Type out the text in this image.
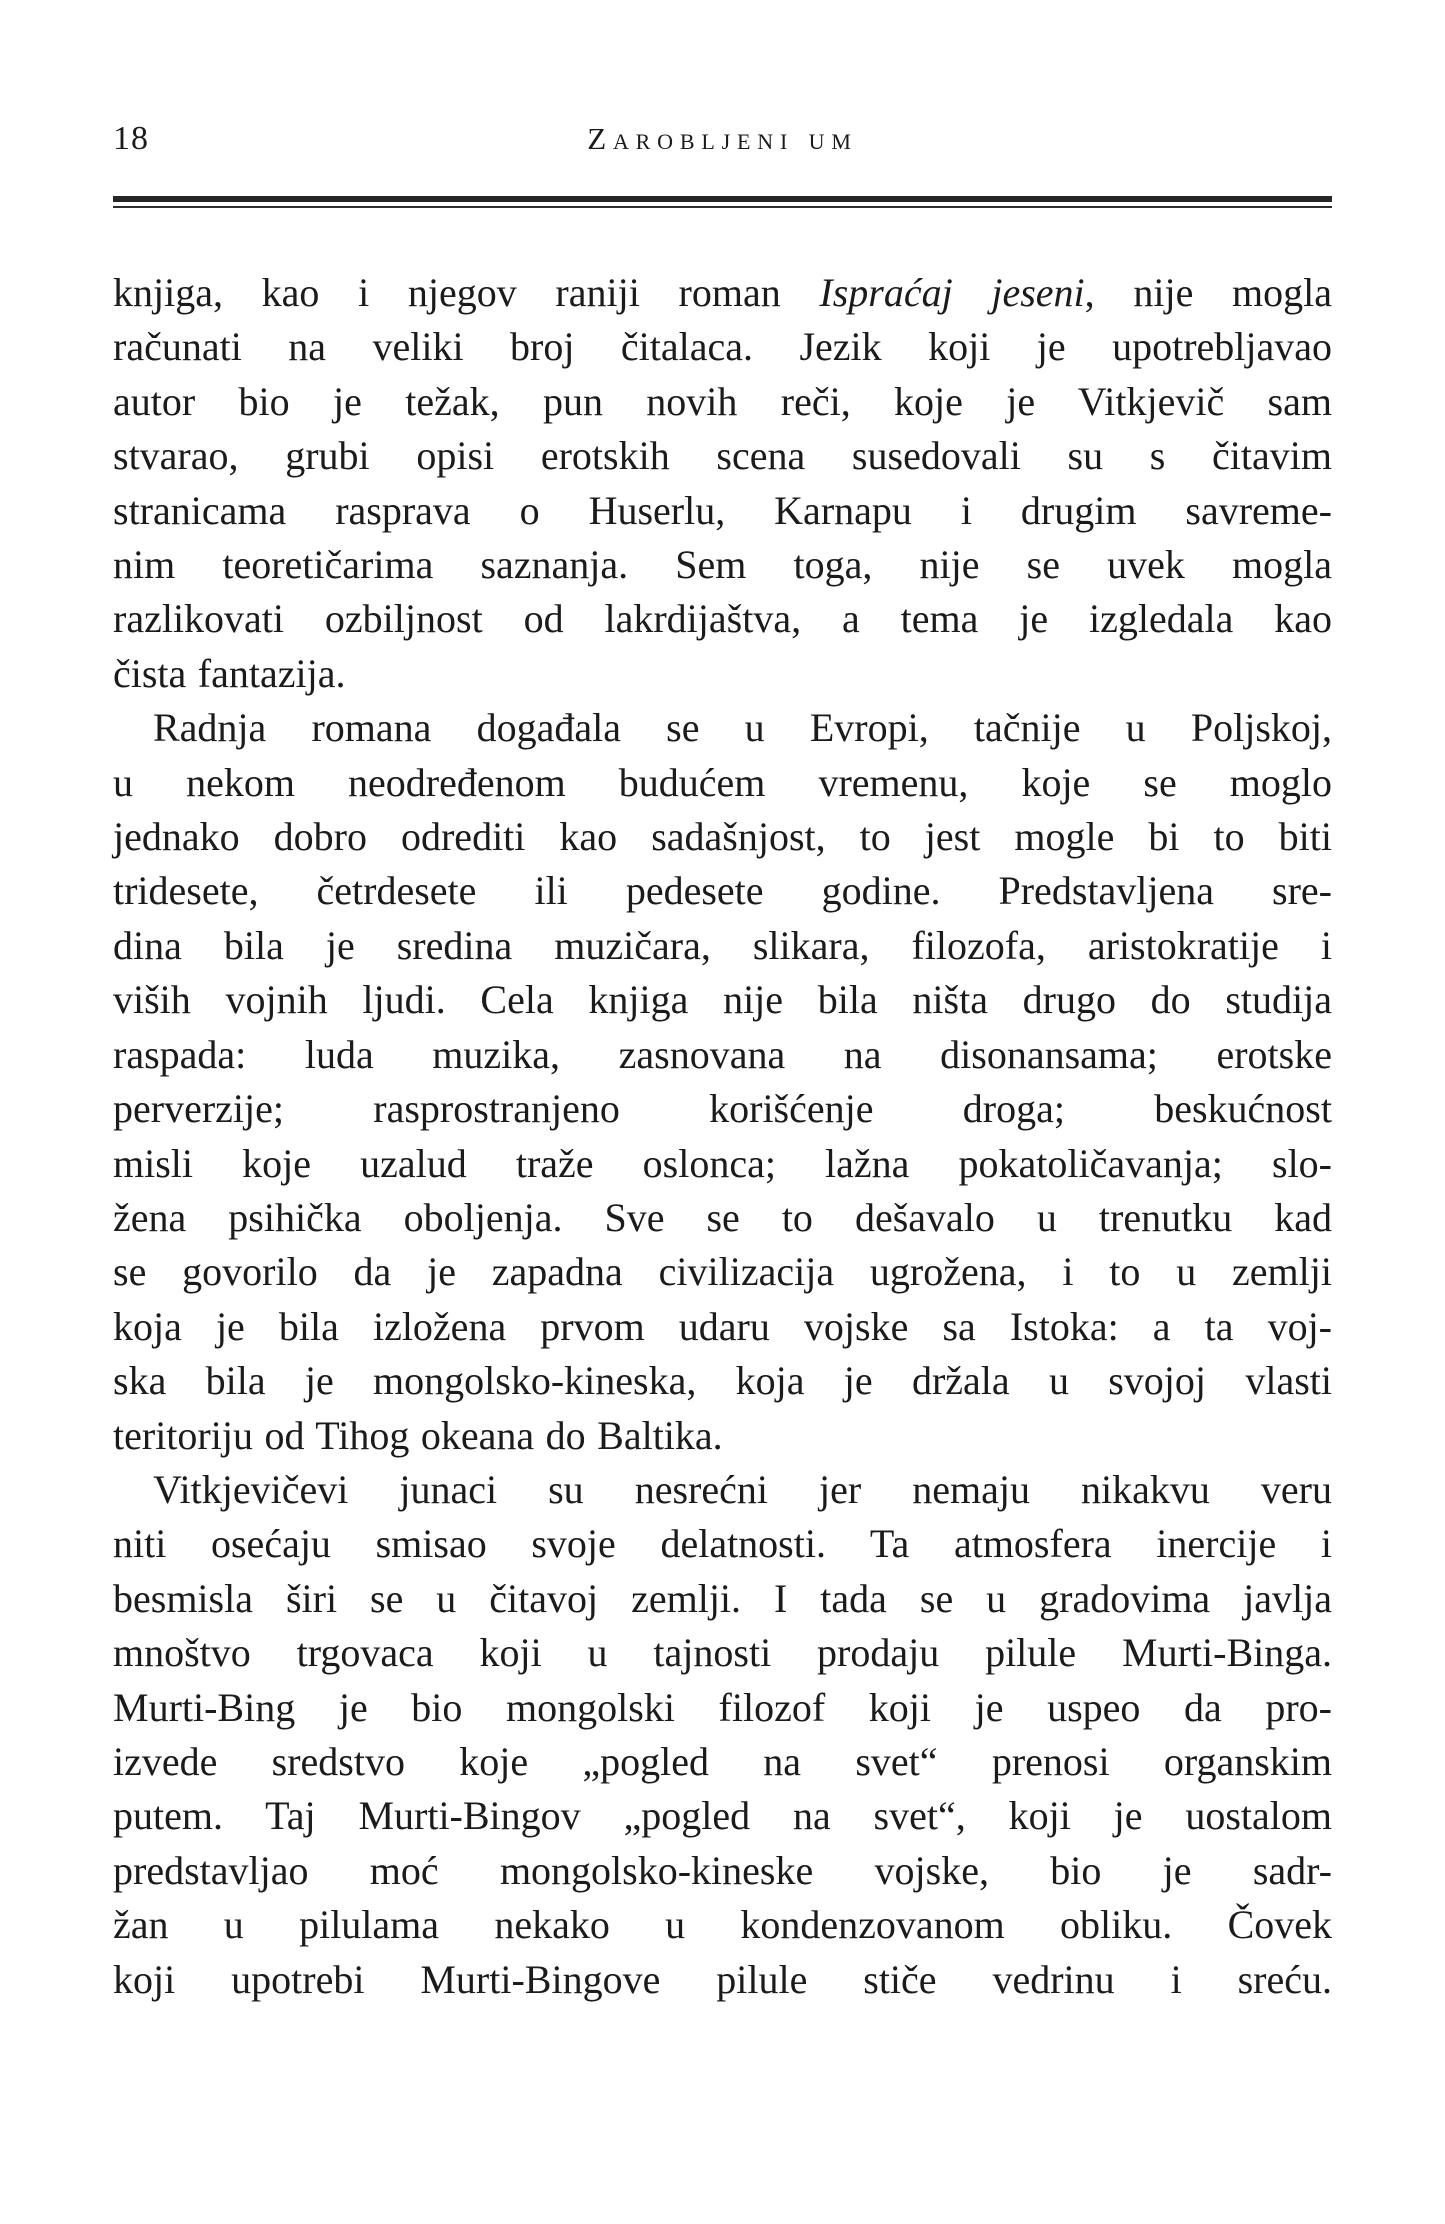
18	Zarobljeni um
knjiga, kao i njegov raniji roman Ispraćaj jeseni, nije mogla
računati na veliki broj čitalaca. Jezik koji je upotrebljavao
autor bio je težak, pun novih reči, koje je Vitkjevič sam
stvarao, grubi opisi erotskih scena susedovali su s čitavim
stranicama rasprava o Huserlu, Karnapu i drugim savreme-
nim teoretičarima saznanja. Sem toga, nije se uvek mogla
razlikovati ozbiljnost od lakrdijaštva, a tema je izgledala kao
čista fantazija.
Radnja romana događala se u Evropi, tačnije u Poljskoj,
u nekom neodređenom budućem vremenu, koje se moglo
jednako dobro odrediti kao sadašnjost, to jest mogle bi to biti
tridesete, četrdesete ili pedesete godine. Predstavljena sre-
dina bila je sredina muzičara, slikara, filozofa, aristokratije i
viših vojnih ljudi. Cela knjiga nije bila ništa drugo do studija
raspada: luda muzika, zasnovana na disonansama; erotske
perverzije; rasprostranjeno korišćenje droga; beskućnost
misli koje uzalud traže oslonca; lažna pokatoličavanja; slo-
žena psihička oboljenja. Sve se to dešavalo u trenutku kad
se govorilo da je zapadna civilizacija ugrožena, i to u zemlji
koja je bila izložena prvom udaru vojske sa Istoka: a ta voj-
ska bila je mongolsko-kineska, koja je držala u svojoj vlasti
teritoriju od Tihog okeana do Baltika.
Vitkjevičevi junaci su nesrećni jer nemaju nikakvu veru
niti osećaju smisao svoje delatnosti. Ta atmosfera inercije i
besmisla širi se u čitavoj zemlji. I tada se u gradovima javlja
mnoštvo trgovaca koji u tajnosti prodaju pilule Murti-Binga.
Murti-Bing je bio mongolski filozof koji je uspeo da pro-
izvede sredstvo koje „pogled na svet“ prenosi organskim
putem. Taj Murti-Bingov „pogled na svet“, koji je uostalom
predstavljao moć mongolsko-kineske vojske, bio je sadr-
žan u pilulama nekako u kondenzovanom obliku. Čovek
koji upotrebi Murti-Bingove pilule stiče vedrinu i sreću.
